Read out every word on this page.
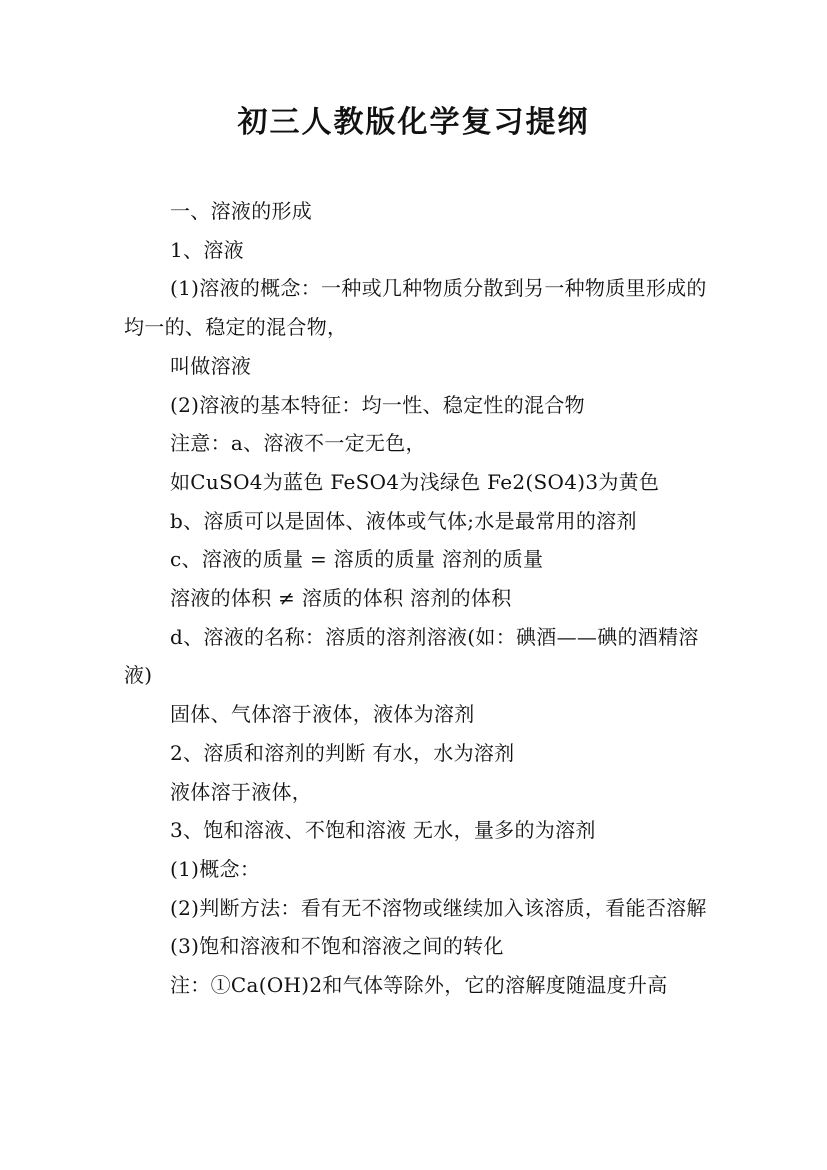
初三人教版化学复习提纲

一、溶液的形成

1、溶液

(1)溶液的概念：一种或几种物质分散到另一种物质里形成的均一的、稳定的混合物，

叫做溶液

(2)溶液的基本特征：均一性、稳定性的混合物

注意：a、溶液不一定无色，

如CuSO4为蓝色 FeSO4为浅绿色 Fe2(SO4)3为黄色

b、溶质可以是固体、液体或气体;水是最常用的溶剂

c、溶液的质量 = 溶质的质量 溶剂的质量

溶液的体积 ≠ 溶质的体积 溶剂的体积

d、溶液的名称：溶质的溶剂溶液(如：碘酒——碘的酒精溶液)

固体、气体溶于液体，液体为溶剂

2、溶质和溶剂的判断 有水，水为溶剂

液体溶于液体，

3、饱和溶液、不饱和溶液 无水，量多的为溶剂

(1)概念：

(2)判断方法：看有无不溶物或继续加入该溶质，看能否溶解

(3)饱和溶液和不饱和溶液之间的转化

注：①Ca(OH)2和气体等除外，它的溶解度随温度升高
